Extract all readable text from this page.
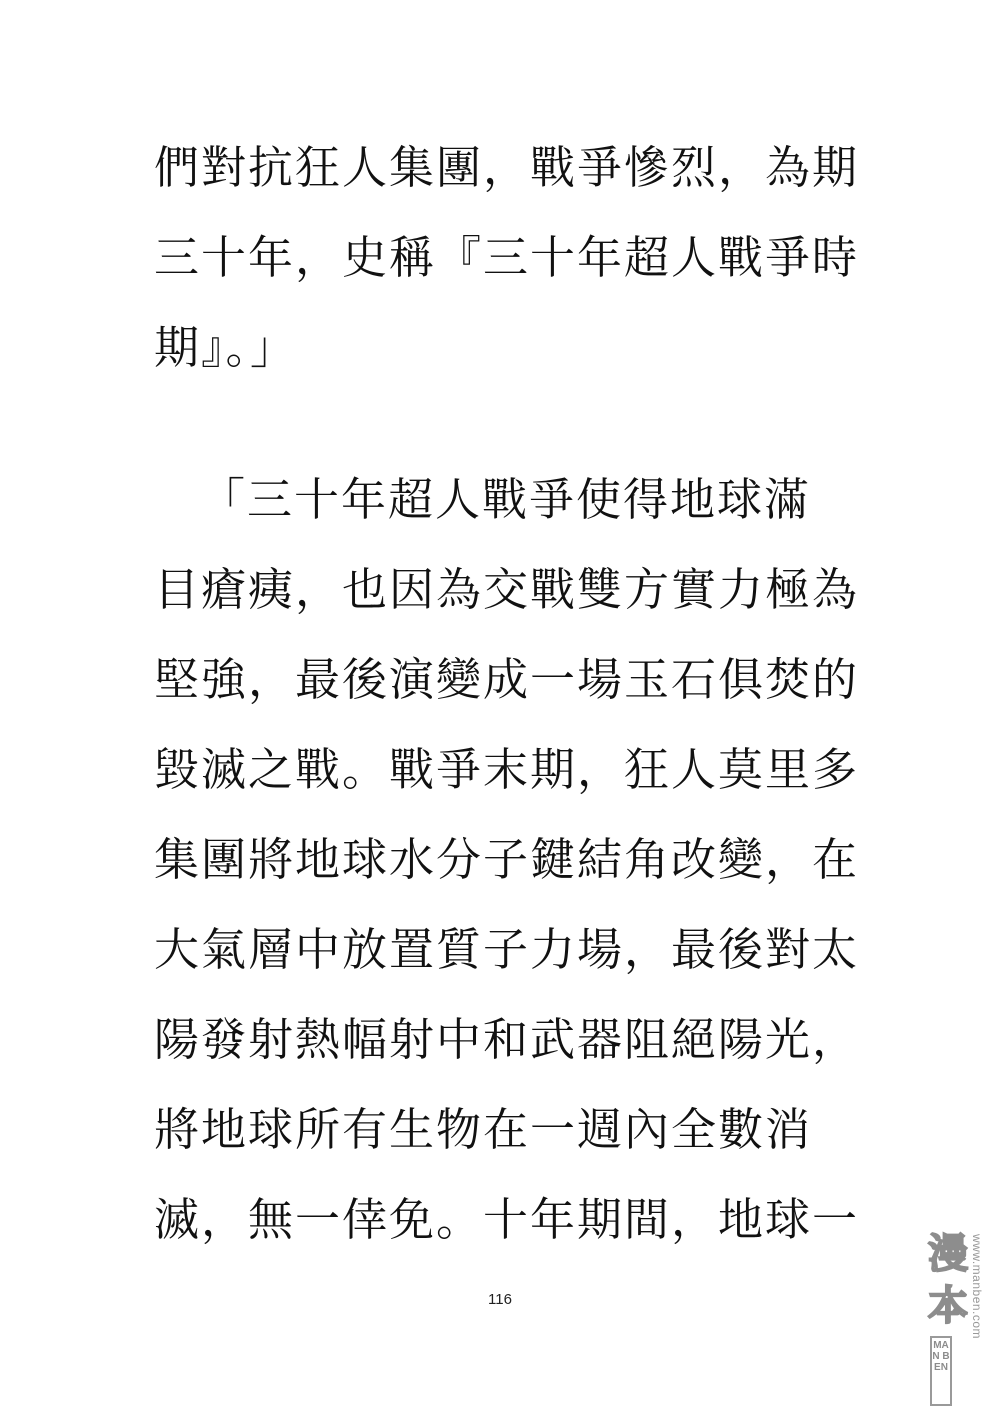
們對抗狂人集團，戰爭慘烈，為期
三十年，史稱『三十年超人戰爭時
期』。」
「三十年超人戰爭使得地球滿
目瘡痍，也因為交戰雙方實力極為
堅強，最後演變成一場玉石俱焚的
毀滅之戰。戰爭末期，狂人莫里多
集團將地球水分子鍵結角改變，在
大氣層中放置質子力場，最後對太
陽發射熱幅射中和武器阻絕陽光，
將地球所有生物在一週內全數消
滅，無一倖免。十年期間，地球一
116
漫
本
MAN BEN
www.manben.com
